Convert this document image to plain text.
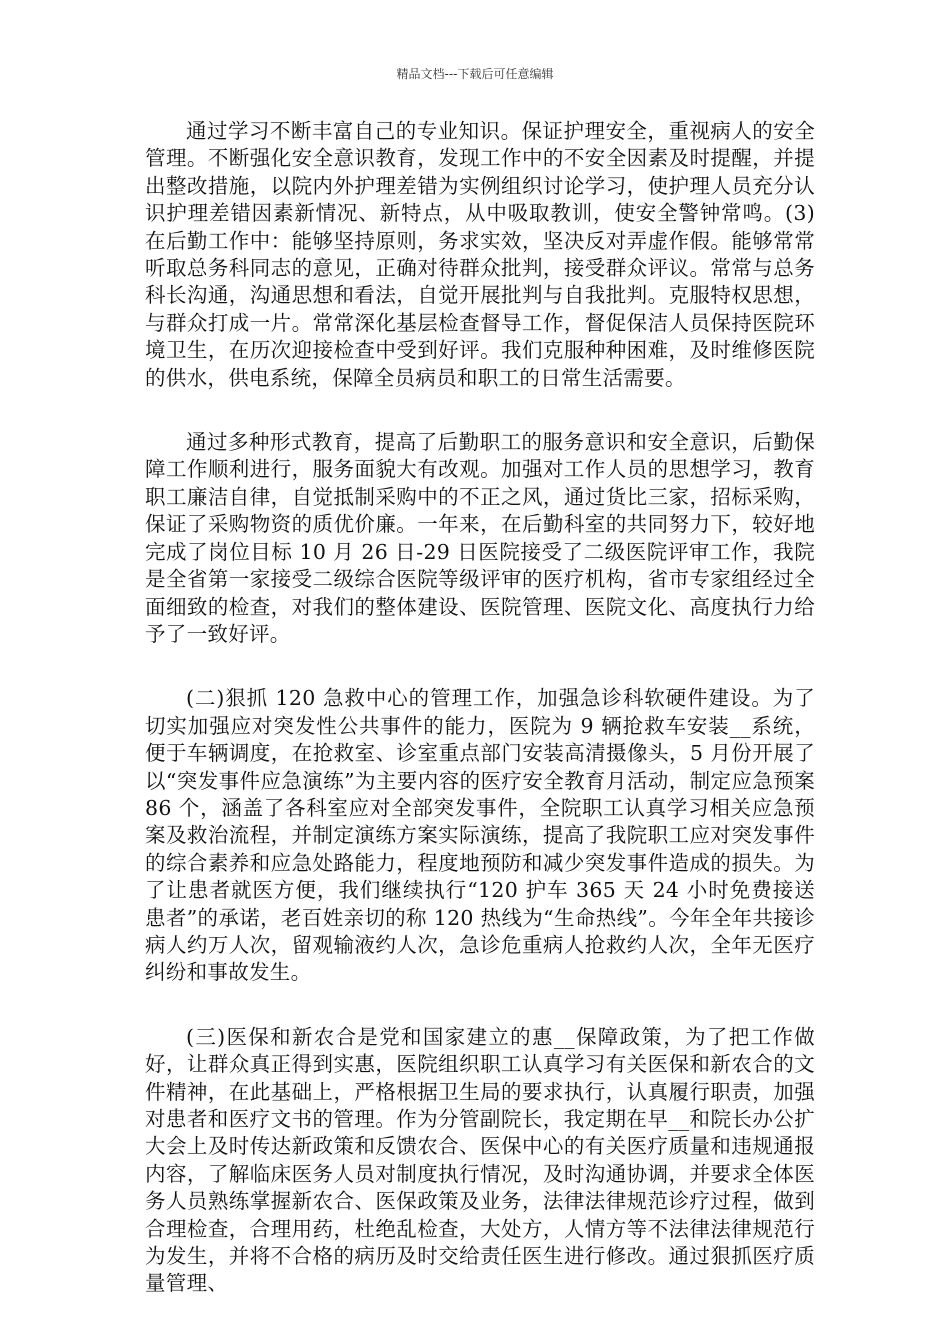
精品文档---下载后可任意编辑

通过学习不断丰富自己的专业知识。保证护理安全，重视病人的安全管理。不断强化安全意识教育，发现工作中的不安全因素及时提醒，并提出整改措施，以院内外护理差错为实例组织讨论学习，使护理人员充分认识护理差错因素新情况、新特点，从中吸取教训，使安全警钟常鸣。(3)在后勤工作中：能够坚持原则，务求实效，坚决反对弄虚作假。能够常常听取总务科同志的意见，正确对待群众批判，接受群众评议。常常与总务科长沟通，沟通思想和看法，自觉开展批判与自我批判。克服特权思想，与群众打成一片。常常深化基层检查督导工作，督促保洁人员保持医院环境卫生，在历次迎接检查中受到好评。我们克服种种困难，及时维修医院的供水，供电系统，保障全员病员和职工的日常生活需要。

通过多种形式教育，提高了后勤职工的服务意识和安全意识，后勤保障工作顺利进行，服务面貌大有改观。加强对工作人员的思想学习，教育职工廉洁自律，自觉抵制采购中的不正之风，通过货比三家，招标采购，保证了采购物资的质优价廉。一年来，在后勤科室的共同努力下，较好地完成了岗位目标 10 月 26 日-29 日医院接受了二级医院评审工作，我院是全省第一家接受二级综合医院等级评审的医疗机构，省市专家组经过全面细致的检查，对我们的整体建设、医院管理、医院文化、高度执行力给予了一致好评。

(二)狠抓 120 急救中心的管理工作，加强急诊科软硬件建设。为了切实加强应对突发性公共事件的能力，医院为 9 辆抢救车安装__系统，便于车辆调度，在抢救室、诊室重点部门安装高清摄像头，5 月份开展了以“突发事件应急演练”为主要内容的医疗安全教育月活动，制定应急预案 86 个，涵盖了各科室应对全部突发事件，全院职工认真学习相关应急预案及救治流程，并制定演练方案实际演练，提高了我院职工应对突发事件的综合素养和应急处路能力，程度地预防和减少突发事件造成的损失。为了让患者就医方便，我们继续执行“120 护车 365 天 24 小时免费接送患者”的承诺，老百姓亲切的称 120 热线为“生命热线”。今年全年共接诊病人约万人次，留观输液约人次，急诊危重病人抢救约人次，全年无医疗纠纷和事故发生。

(三)医保和新农合是党和国家建立的惠__保障政策，为了把工作做好，让群众真正得到实惠，医院组织职工认真学习有关医保和新农合的文件精神，在此基础上，严格根据卫生局的要求执行，认真履行职责，加强对患者和医疗文书的管理。作为分管副院长，我定期在早__和院长办公扩大会上及时传达新政策和反馈农合、医保中心的有关医疗质量和违规通报内容，了解临床医务人员对制度执行情况，及时沟通协调，并要求全体医务人员熟练掌握新农合、医保政策及业务，法律法律规范诊疗过程，做到合理检查，合理用药，杜绝乱检查，大处方，人情方等不法律法律规范行为发生，并将不合格的病历及时交给责任医生进行修改。通过狠抓医疗质量管理、
